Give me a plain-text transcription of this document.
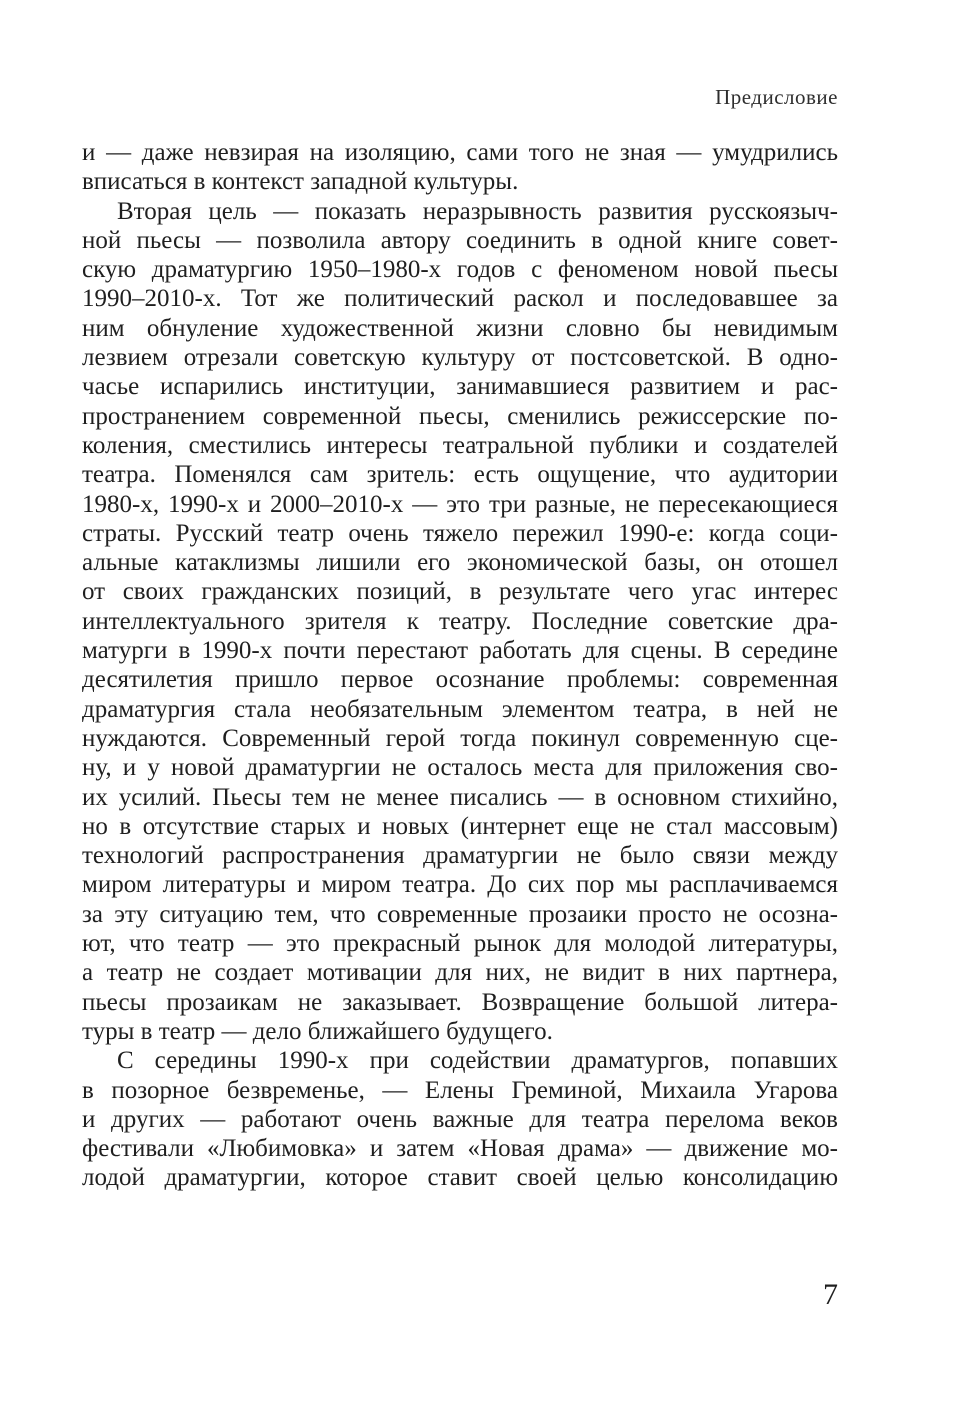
Предисловие
и — даже невзирая на изоляцию, сами того не зная — умудрились
вписаться в контекст западной культуры.
Вторая цель — показать неразрывность развития русскоязыч-
ной пьесы — позволила автору соединить в одной книге совет-
скую драматургию 1950–1980-х годов с феноменом новой пьесы
1990–2010-х. Тот же политический раскол и последовавшее за
ним обнуление художественной жизни словно бы невидимым
лезвием отрезали советскую культуру от постсоветской. В одно-
часье испарились институции, занимавшиеся развитием и рас-
пространением современной пьесы, сменились режиссерские по-
коления, сместились интересы театральной публики и создателей
театра. Поменялся сам зритель: есть ощущение, что аудитории
1980-х, 1990-х и 2000–2010-х — это три разные, не пересекающиеся
страты. Русский театр очень тяжело пережил 1990-е: когда соци-
альные катаклизмы лишили его экономической базы, он отошел
от своих гражданских позиций, в результате чего угас интерес
интеллектуального зрителя к театру. Последние советские дра-
матурги в 1990-х почти перестают работать для сцены. В середине
десятилетия пришло первое осознание проблемы: современная
драматургия стала необязательным элементом театра, в ней не
нуждаются. Современный герой тогда покинул современную сце-
ну, и у новой драматургии не осталось места для приложения сво-
их усилий. Пьесы тем не менее писались — в основном стихийно,
но в отсутствие старых и новых (интернет еще не стал массовым)
технологий распространения драматургии не было связи между
миром литературы и миром театра. До сих пор мы расплачиваемся
за эту ситуацию тем, что современные прозаики просто не осозна-
ют, что театр — это прекрасный рынок для молодой литературы,
а театр не создает мотивации для них, не видит в них партнера,
пьесы прозаикам не заказывает. Возвращение большой литера-
туры в театр — дело ближайшего будущего.
С середины 1990-х при содействии драматургов, попавших
в позорное безвременье, — Елены Греминой, Михаила Угарова
и других — работают очень важные для театра перелома веков
фестивали «Любимовка» и затем «Новая драма» — движение мо-
лодой драматургии, которое ставит своей целью консолидацию
7
